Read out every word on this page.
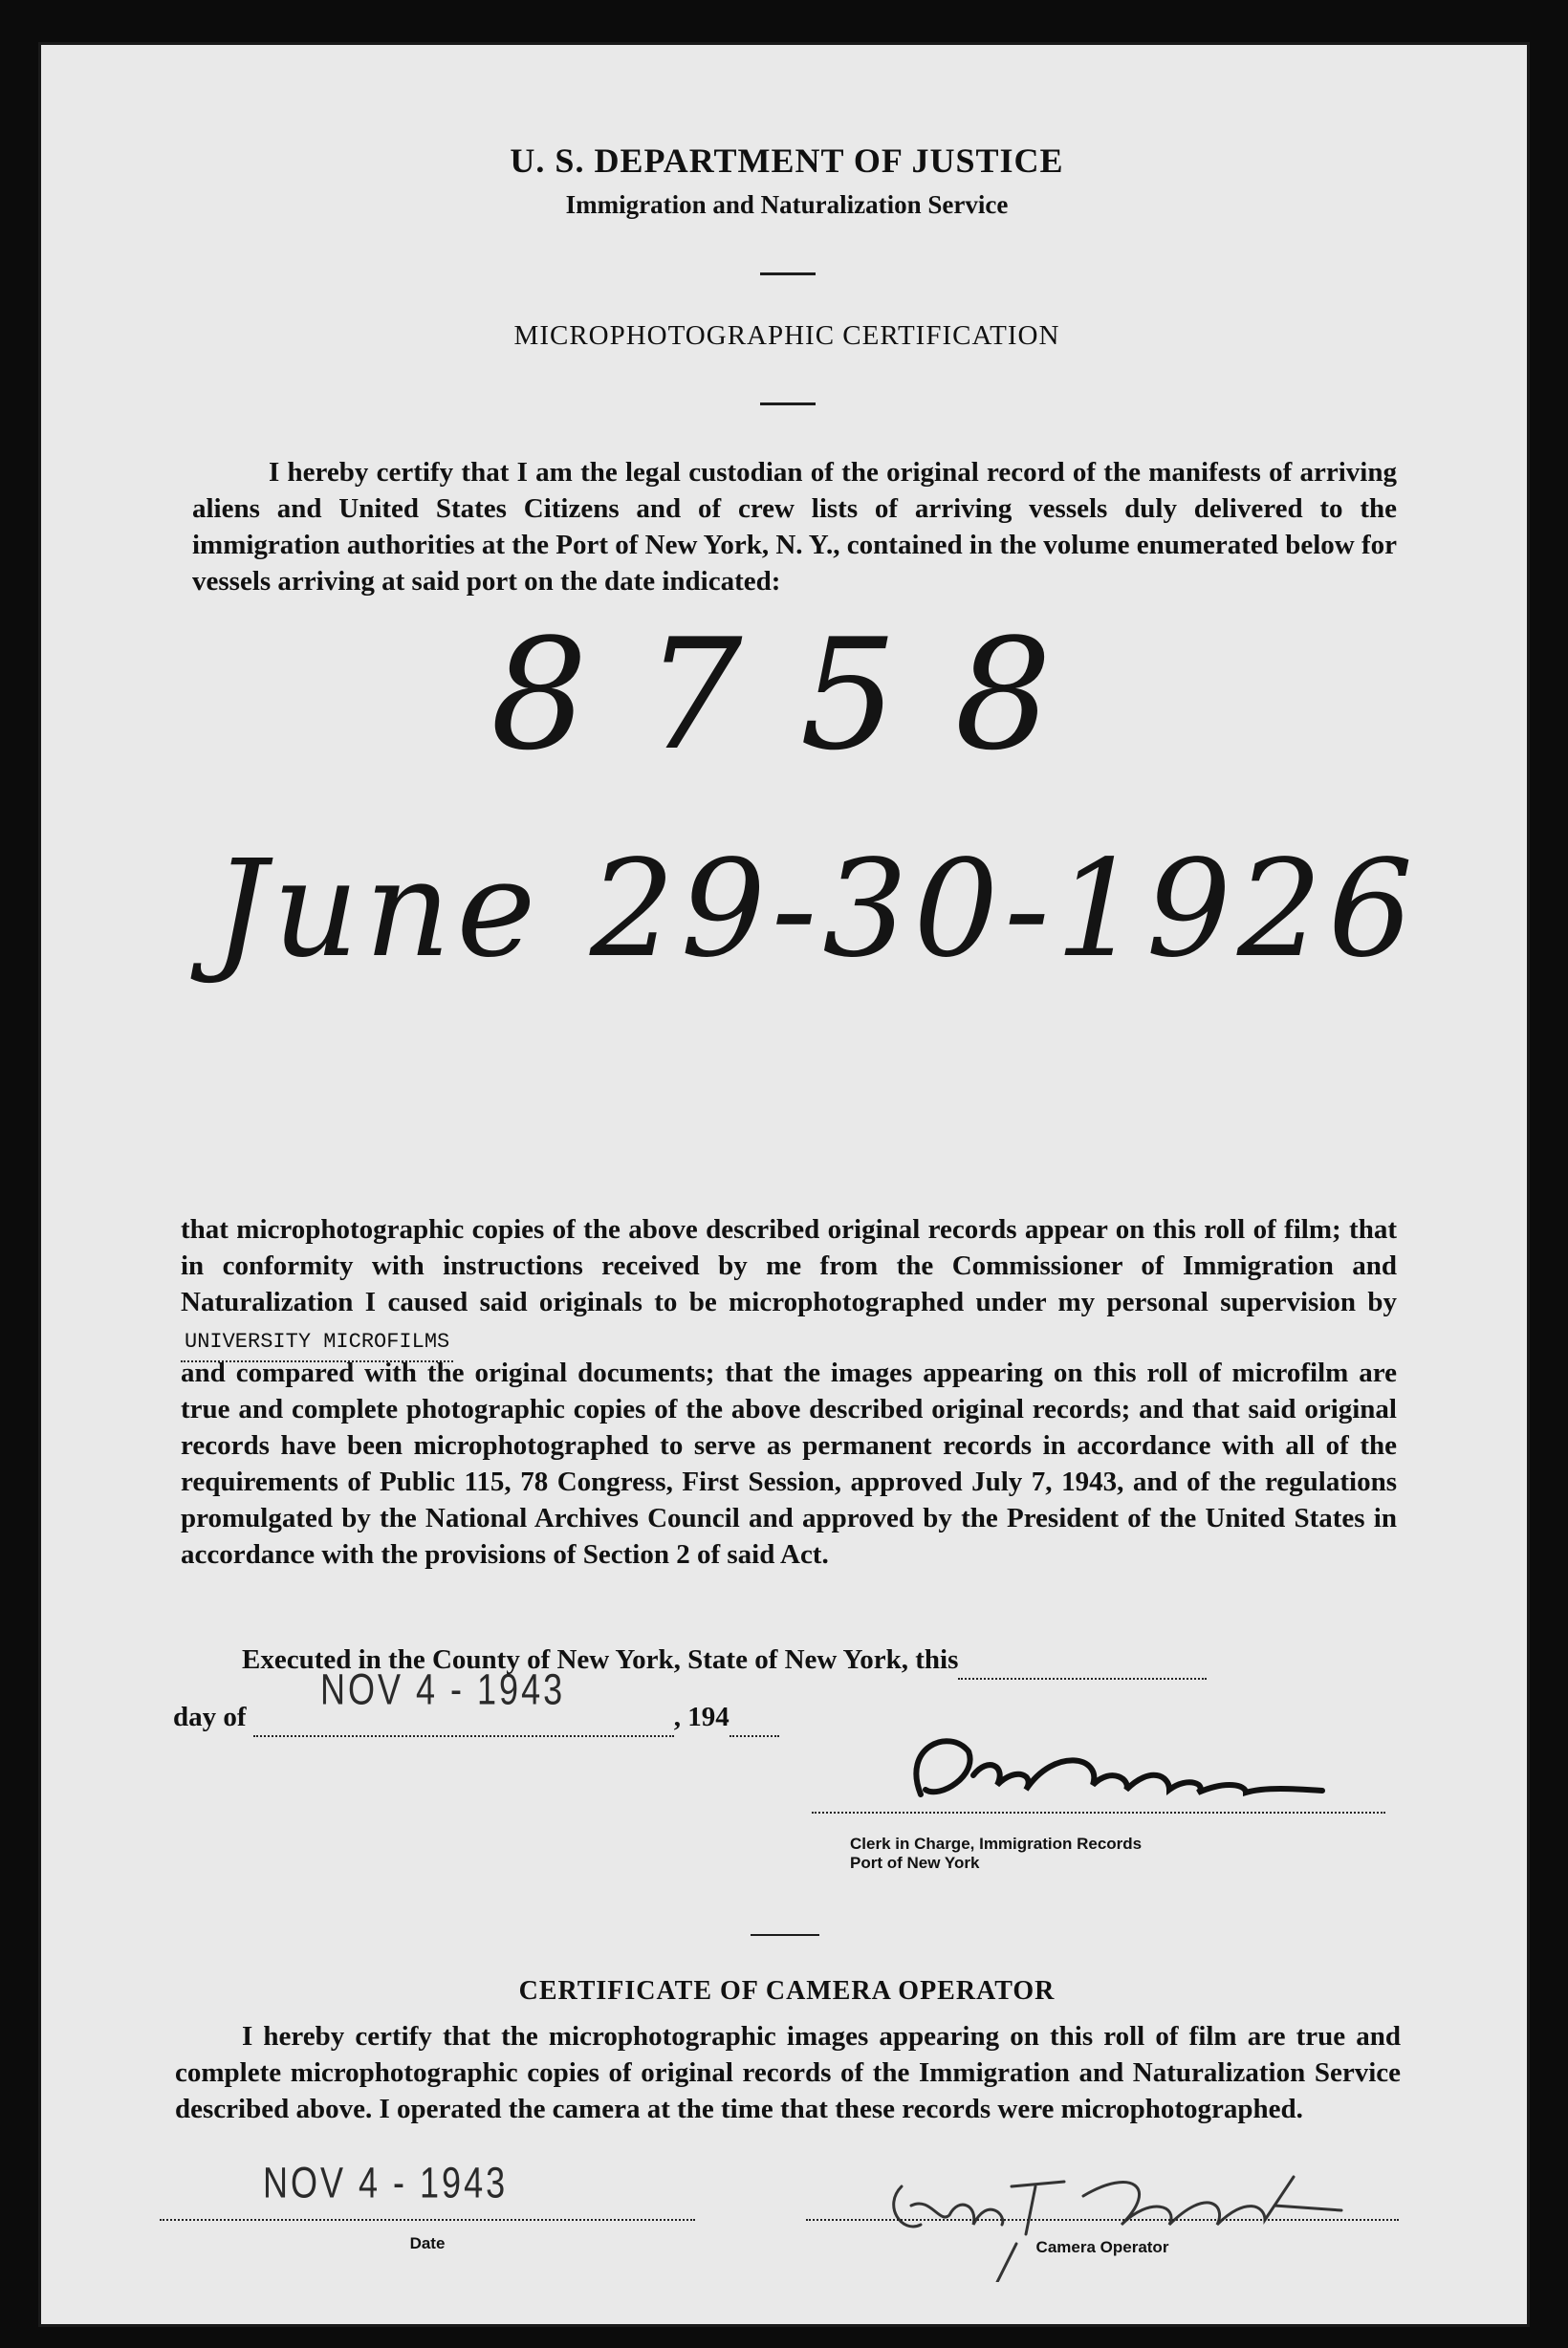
U. S. DEPARTMENT OF JUSTICE
Immigration and Naturalization Service
MICROPHOTOGRAPHIC CERTIFICATION

I hereby certify that I am the legal custodian of the original record of the manifests of arriving aliens and United States Citizens and of crew lists of arriving vessels duly delivered to the immigration authorities at the Port of New York, N. Y., contained in the volume enumerated below for vessels arriving at said port on the date indicated:

8758
June 29-30-1926
that microphotographic copies of the above described original records appear on this roll of film; that in conformity with instructions received by me from the Commissioner of Immigration and Naturalization I caused said originals to be microphotographed under my personal supervision by UNIVERSITY MICROFILMS

and compared with the original documents; that the images appearing on this roll of microfilm are true and complete photographic copies of the above described original records; and that said original records have been microphotographed to serve as permanent records in accordance with all of the requirements of Public 115, 78 Congress, First Session, approved July 7, 1943, and of the regulations promulgated by the National Archives Council and approved by the President of the United States in accordance with the provisions of Section 2 of said Act.

Executed in the County of New York, State of New York, this
day of	, 194
NOV 4 - 1943

Clerk in Charge, Immigration Records
Port of New York
CERTIFICATE OF CAMERA OPERATOR

I hereby certify that the microphotographic images appearing on this roll of film are true and complete microphotographic copies of original records of the Immigration and Naturalization Service described above. I operated the camera at the time that these records were microphotographed.

NOV 4 - 1943

Date
	Camera Operator
